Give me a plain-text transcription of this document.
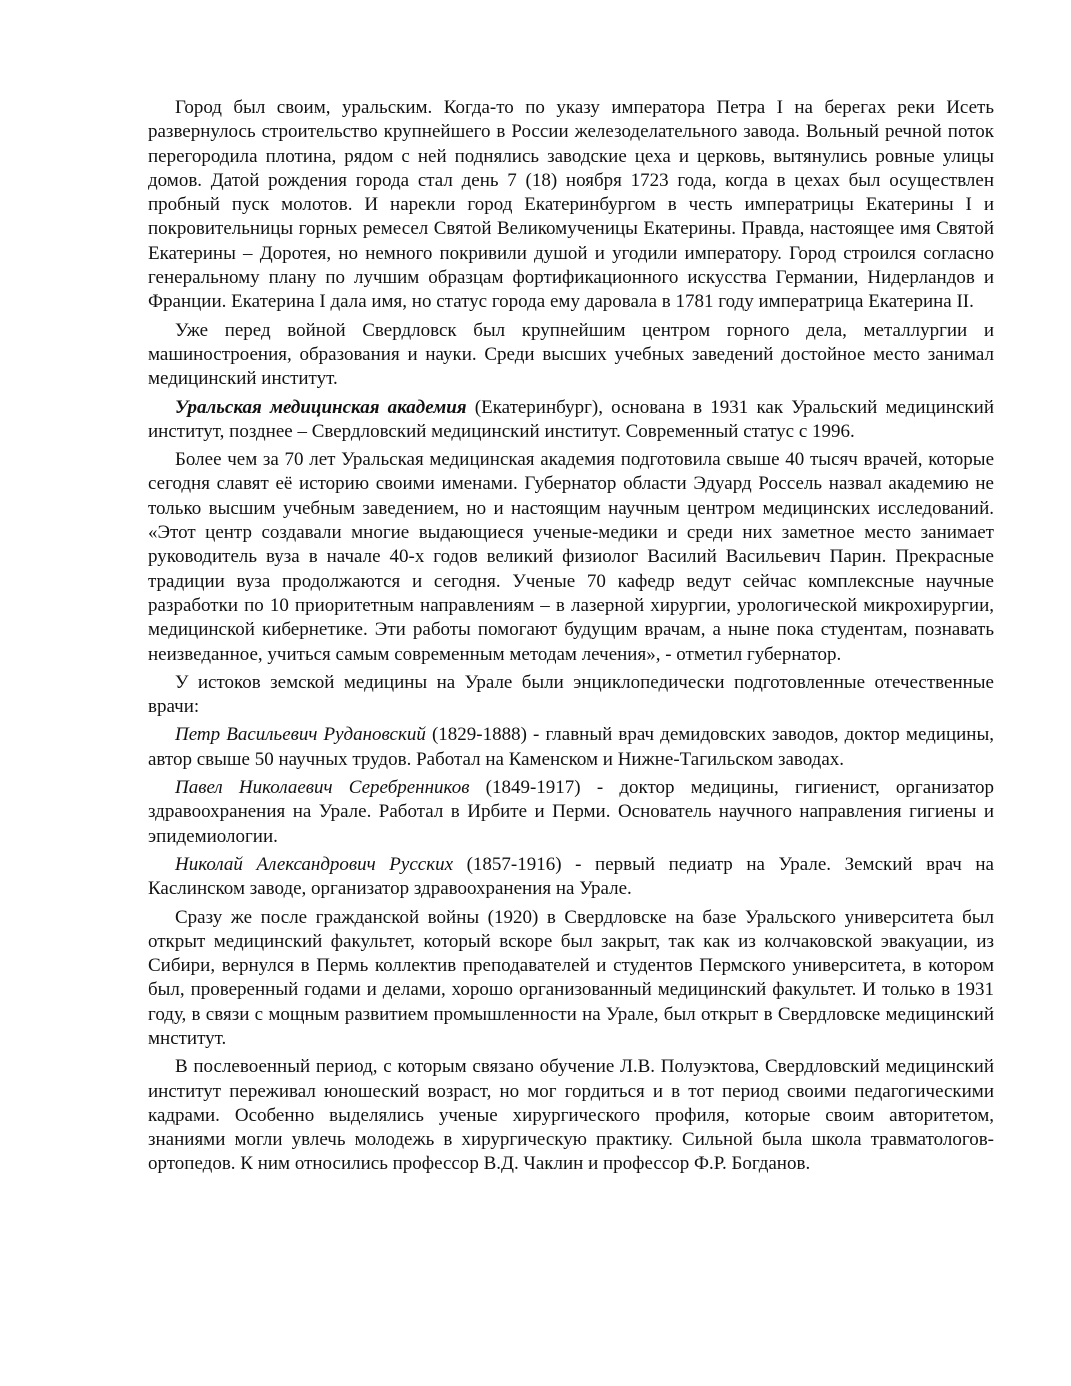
Город был своим, уральским. Когда-то по указу императора Петра I на берегах реки Исеть развернулось строительство крупнейшего в России железоделательного завода. Вольный речной поток перегородила плотина, рядом с ней поднялись заводские цеха и церковь, вытянулись ровные улицы домов. Датой рождения города стал день 7 (18) ноября 1723 года, когда в цехах был осуществлен пробный пуск молотов. И нарекли город Екатеринбургом в честь императрицы Екатерины I и покровительницы горных ремесел Святой Великомученицы Екатерины. Правда, настоящее имя Святой Екатерины – Доротея, но немного покривили душой и угодили императору. Город строился согласно генеральному плану по лучшим образцам фортификационного искусства Германии, Нидерландов и Франции. Екатерина I дала имя, но статус города ему даровала в 1781 году императрица Екатерина II.

Уже перед войной Свердловск был крупнейшим центром горного дела, металлургии и машиностроения, образования и науки. Среди высших учебных заведений достойное место занимал медицинский институт.

Уральская медицинская академия (Екатеринбург), основана в 1931 как Уральский медицинский институт, позднее – Свердловский медицинский институт. Современный статус с 1996.

Более чем за 70 лет Уральская медицинская академия подготовила свыше 40 тысяч врачей, которые сегодня славят её историю своими именами. Губернатор области Эдуард Россель назвал академию не только высшим учебным заведением, но и настоящим научным центром медицинских исследований. «Этот центр создавали многие выдающиеся ученые-медики и среди них заметное место занимает руководитель вуза в начале 40-х годов великий физиолог Василий Васильевич Парин. Прекрасные традиции вуза продолжаются и сегодня. Ученые 70 кафедр ведут сейчас комплексные научные разработки по 10 приоритетным направлениям – в лазерной хирургии, урологической микрохирургии, медицинской кибернетике. Эти работы помогают будущим врачам, а ныне пока студентам, познавать неизведанное, учиться самым современным методам лечения», - отметил губернатор.

У истоков земской медицины на Урале были энциклопедически подготовленные отечественные врачи:

Петр Васильевич Рудановский (1829-1888) - главный врач демидовских заводов, доктор медицины, автор свыше 50 научных трудов. Работал на Каменском и Нижне-Тагильском заводах.

Павел Николаевич Серебренников (1849-1917) - доктор медицины, гигиенист, организатор здравоохранения на Урале. Работал в Ирбите и Перми. Основатель научного направления гигиены и эпидемиологии.

Николай Александрович Русских (1857-1916) - первый педиатр на Урале. Земский врач на Каслинском заводе, организатор здравоохранения на Урале.

Сразу же после гражданской войны (1920) в Свердловске на базе Уральского университета был открыт медицинский факультет, который вскоре был закрыт, так как из колчаковской эвакуации, из Сибири, вернулся в Пермь коллектив преподавателей и студентов Пермского университета, в котором был, проверенный годами и делами, хорошо организованный медицинский факультет. И только в 1931 году, в связи с мощным развитием промышленности на Урале, был открыт в Свердловске медицинский мнститут.

В послевоенный период, с которым связано обучение Л.В. Полуэктова, Свердловский медицинский институт переживал юношеский возраст, но мог гордиться и в тот период своими педагогическими кадрами. Особенно выделялись ученые хирургического профиля, которые своим авторитетом, знаниями могли увлечь молодежь в хирургическую практику. Сильной была школа травматологов-ортопедов. К ним относились профессор В.Д. Чаклин и профессор Ф.Р. Богданов.
